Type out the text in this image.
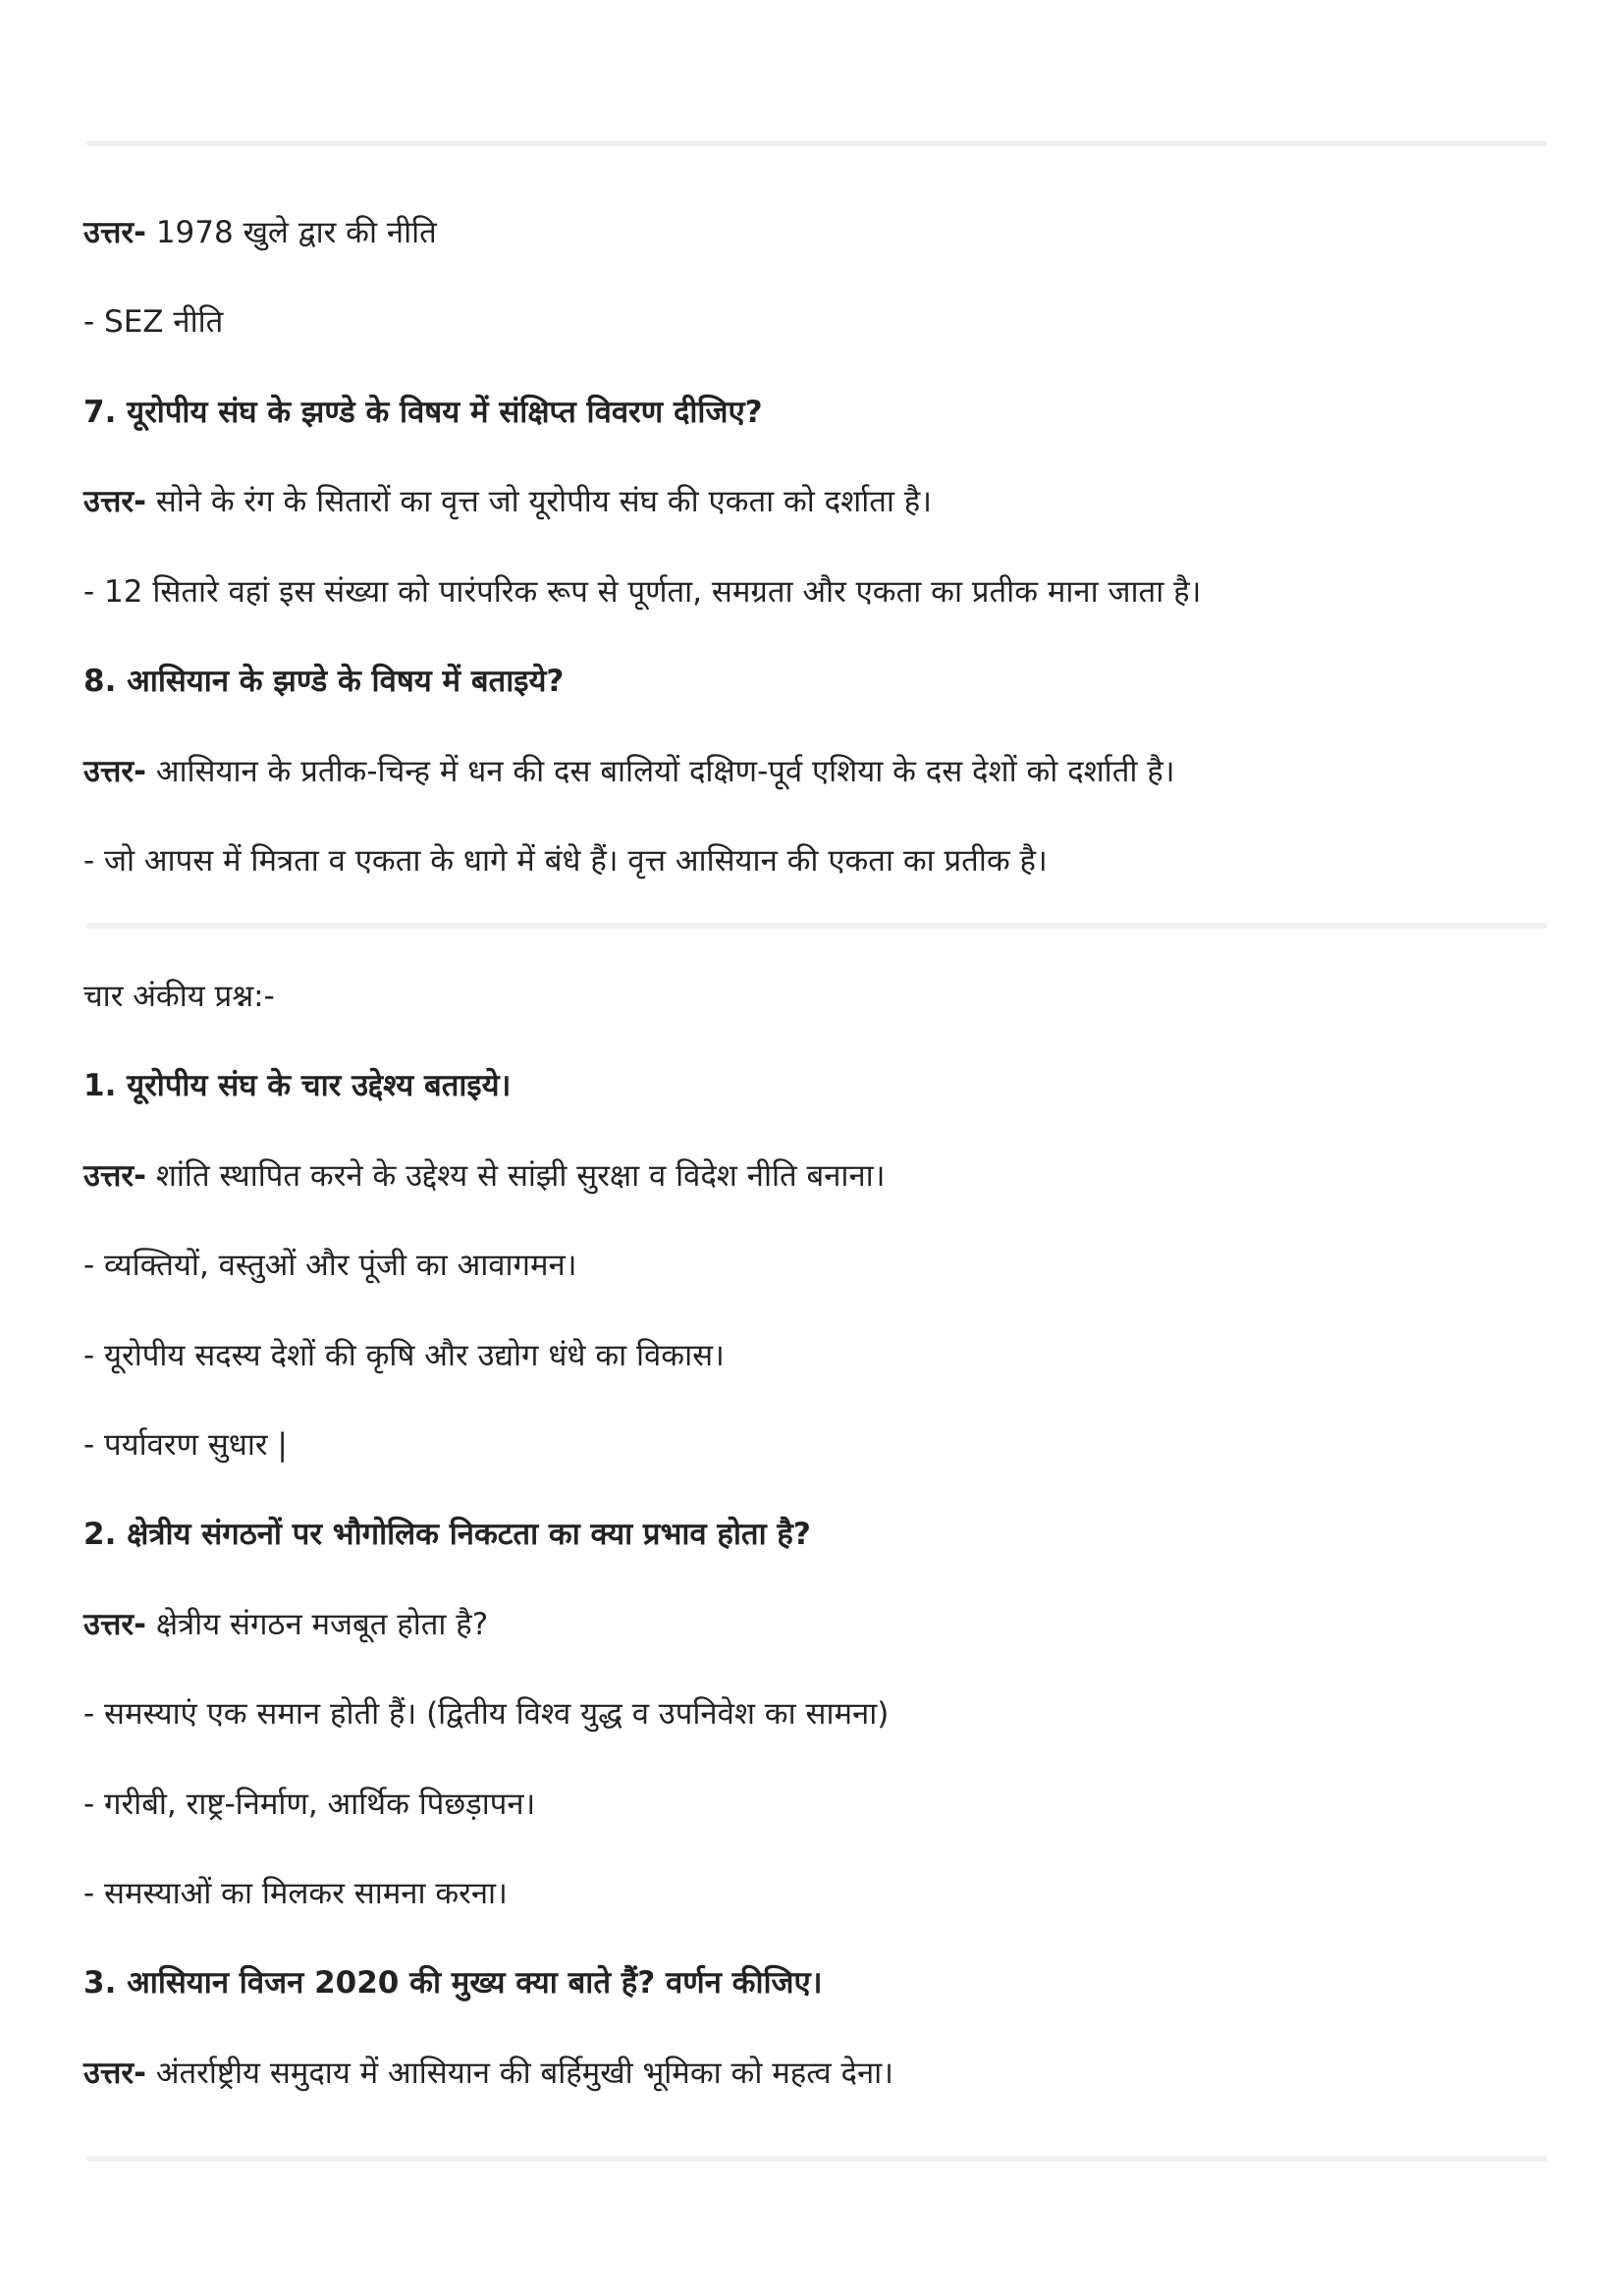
उत्तर- 1978 खुले द्वार की नीति
- SEZ नीति
7. यूरोपीय संघ के झण्डे के विषय में संक्षिप्त विवरण दीजिए?
उत्तर- सोने के रंग के सितारों का वृत्त जो यूरोपीय संघ की एकता को दर्शाता है।
- 12 सितारे वहां इस संख्या को पारंपरिक रूप से पूर्णता, समग्रता और एकता का प्रतीक माना जाता है।
8. आसियान के झण्डे के विषय में बताइये?
उत्तर- आसियान के प्रतीक-चिन्ह में धन की दस बालियों दक्षिण-पूर्व एशिया के दस देशों को दर्शाती है।
- जो आपस में मित्रता व एकता के धागे में बंधे हैं। वृत्त आसियान की एकता का प्रतीक है।
चार अंकीय प्रश्न:-
1. यूरोपीय संघ के चार उद्देश्य बताइये।
उत्तर- शांति स्थापित करने के उद्देश्य से सांझी सुरक्षा व विदेश नीति बनाना।
- व्यक्तियों, वस्तुओं और पूंजी का आवागमन।
- यूरोपीय सदस्य देशों की कृषि और उद्योग धंधे का विकास।
- पर्यावरण सुधार |
2. क्षेत्रीय संगठनों पर भौगोलिक निकटता का क्या प्रभाव होता है?
उत्तर- क्षेत्रीय संगठन मजबूत होता है?
- समस्याएं एक समान होती हैं। (द्वितीय विश्व युद्ध व उपनिवेश का सामना)
- गरीबी, राष्ट्र-निर्माण, आर्थिक पिछड़ापन।
- समस्याओं का मिलकर सामना करना।
3. आसियान विजन 2020 की मुख्य क्या बाते हैं? वर्णन कीजिए।
उत्तर- अंतर्राष्ट्रीय समुदाय में आसियान की बर्हिमुखी भूमिका को महत्व देना।
